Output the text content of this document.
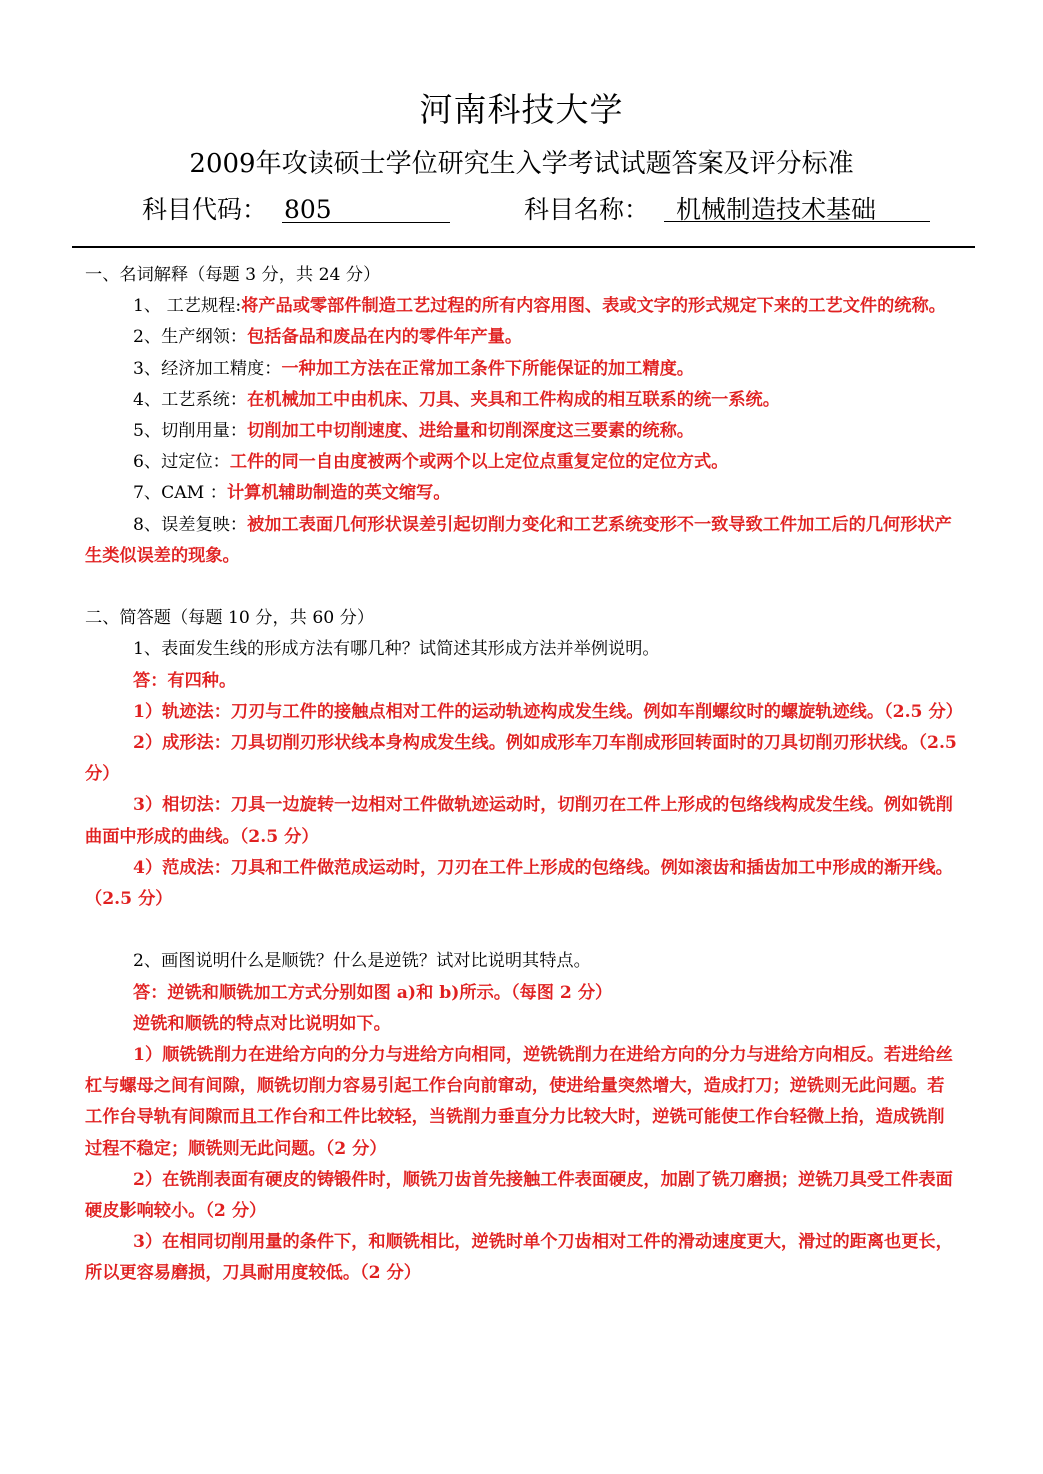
河南科技大学
2009年攻读硕士学位研究生入学考试试题答案及评分标准
科目代码： 805	科目名称：	机械制造技术基础

一、名词解释（每题 3 分，共 24 分）

1、 工艺规程:将产品或零部件制造工艺过程的所有内容用图、表或文字的形式规定下来的工艺文件的统称。

2、生产纲领：包括备品和废品在内的零件年产量。

3、经济加工精度：一种加工方法在正常加工条件下所能保证的加工精度。

4、工艺系统：在机械加工中由机床、刀具、夹具和工件构成的相互联系的统一系统。

5、切削用量：切削加工中切削速度、进给量和切削深度这三要素的统称。

6、过定位：工件的同一自由度被两个或两个以上定位点重复定位的定位方式。

7、CAM ：计算机辅助制造的英文缩写。

8、误差复映：被加工表面几何形状误差引起切削力变化和工艺系统变形不一致导致工件加工后的几何形状产生类似误差的现象。

二、简答题（每题 10 分，共 60 分）

1、表面发生线的形成方法有哪几种？试简述其形成方法并举例说明。

答：有四种。

1）轨迹法：刀刃与工件的接触点相对工件的运动轨迹构成发生线。例如车削螺纹时的螺旋轨迹线。（2.5 分）

2）成形法：刀具切削刃形状线本身构成发生线。例如成形车刀车削成形回转面时的刀具切削刃形状线。（2.5 分）

3）相切法：刀具一边旋转一边相对工件做轨迹运动时，切削刃在工件上形成的包络线构成发生线。例如铣削曲面中形成的曲线。（2.5 分）

4）范成法：刀具和工件做范成运动时，刀刃在工件上形成的包络线。例如滚齿和插齿加工中形成的渐开线。（2.5 分）

2、画图说明什么是顺铣？什么是逆铣？试对比说明其特点。

答：逆铣和顺铣加工方式分别如图 a)和 b)所示。（每图 2 分）

逆铣和顺铣的特点对比说明如下。

1）顺铣铣削力在进给方向的分力与进给方向相同，逆铣铣削力在进给方向的分力与进给方向相反。若进给丝杠与螺母之间有间隙，顺铣切削力容易引起工作台向前窜动，使进给量突然增大，造成打刀；逆铣则无此问题。若工作台导轨有间隙而且工作台和工件比较轻，当铣削力垂直分力比较大时，逆铣可能使工作台轻微上抬，造成铣削过程不稳定；顺铣则无此问题。（2 分）

2）在铣削表面有硬皮的铸锻件时，顺铣刀齿首先接触工件表面硬皮，加剧了铣刀磨损；逆铣刀具受工件表面硬皮影响较小。（2 分）

3）在相同切削用量的条件下，和顺铣相比，逆铣时单个刀齿相对工件的滑动速度更大，滑过的距离也更长，所以更容易磨损，刀具耐用度较低。（2 分）
